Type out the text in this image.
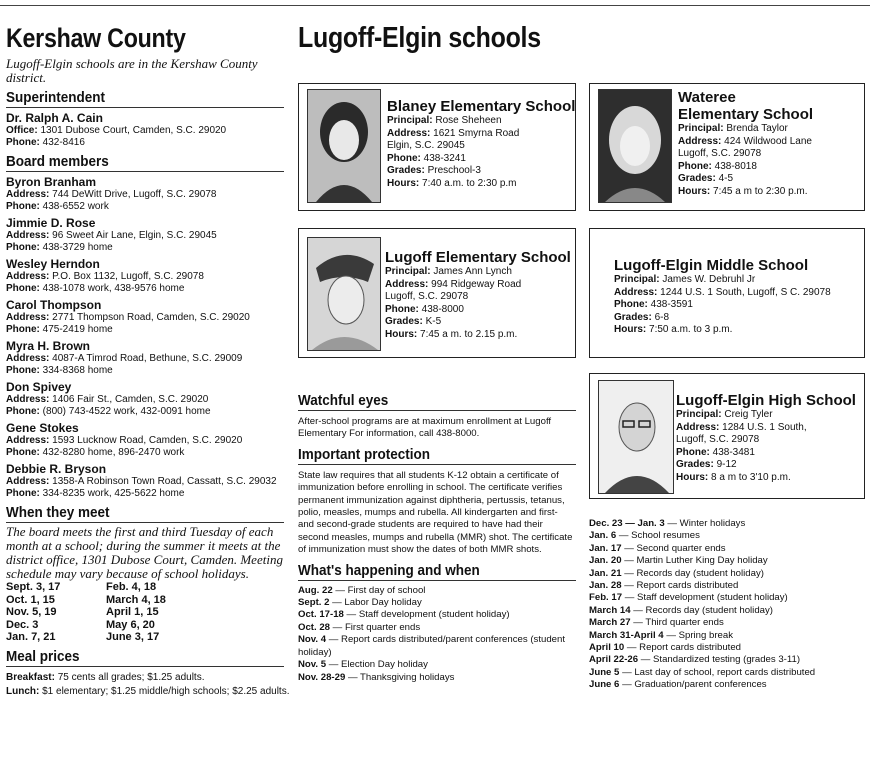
Kershaw County
Lugoff-Elgin schools are in the Kershaw County district.
Superintendent
Dr. Ralph A. Cain
Office: 1301 Dubose Court, Camden, S.C. 29020
Phone: 432-8416
Board members
Byron Branham
Address: 744 DeWitt Drive, Lugoff, S.C. 29078
Phone: 438-6552 work
Jimmie D. Rose
Address: 96 Sweet Air Lane, Elgin, S.C. 29045
Phone: 438-3729 home
Wesley Herndon
Address: P.O. Box 1132, Lugoff, S.C. 29078
Phone: 438-1078 work, 438-9576 home
Carol Thompson
Address: 2771 Thompson Road, Camden, S.C. 29020
Phone: 475-2419 home
Myra H. Brown
Address: 4087-A Timrod Road, Bethune, S.C. 29009
Phone: 334-8368 home
Don Spivey
Address: 1406 Fair St., Camden, S.C. 29020
Phone: (800) 743-4522 work, 432-0091 home
Gene Stokes
Address: 1593 Lucknow Road, Camden, S.C. 29020
Phone: 432-8280 home, 896-2470 work
Debbie R. Bryson
Address: 1358-A Robinson Town Road, Cassatt, S.C. 29032
Phone: 334-8235 work, 425-5622 home
When they meet
The board meets the first and third Tuesday of each month at a school; during the summer it meets at the district office, 1301 Dubose Court, Camden. Meeting schedule may vary because of school holidays.
Sept. 3, 17	Feb. 4, 18
Oct. 1, 15	March 4, 18
Nov. 5, 19	April 1, 15
Dec. 3	May 6, 20
Jan. 7, 21	June 3, 17
Meal prices
Breakfast: 75 cents all grades; $1.25 adults.
Lunch: $1 elementary; $1.25 middle/high schools; $2.25 adults.
Lugoff-Elgin schools
Blaney Elementary School
Principal: Rose Sheheen
Address: 1621 Smyrna Road
Elgin, S.C. 29045
Phone: 438-3241
Grades: Preschool-3
Hours: 7:40 a.m. to 2:30 p.m
Wateree
Elementary School
Principal: Brenda Taylor
Address: 424 Wildwood Lane
Lugoff, S.C. 29078
Phone: 438-8018
Grades: 4-5
Hours: 7:45 a m to 2:30 p.m.
Lugoff Elementary School
Principal: James Ann Lynch
Address: 994 Ridgeway Road
Lugoff, S.C. 29078
Phone: 438-8000
Grades: K-5
Hours: 7:45 a m. to 2.15 p.m.
Lugoff-Elgin Middle School
Principal: James W. Debruhl Jr
Address: 1244 U.S. 1 South, Lugoff, S C. 29078
Phone: 438-3591
Grades: 6-8
Hours: 7:50 a.m. to 3 p.m.
Lugoff-Elgin High School
Principal: Creig Tyler
Address: 1284 U.S. 1 South,
Lugoff, S.C. 29078
Phone: 438-3481
Grades: 9-12
Hours: 8 a m to 3'10 p.m.
Watchful eyes
After-school programs are at maximum enrollment at Lugoff Elementary For information, call 438-8000.
Important protection
State law requires that all students K-12 obtain a certificate of immunization before enrolling in school. The certificate verifies permanent immunization against diphtheria, pertussis, tetanus, polio, measles, mumps and rubella. All kindergarten and first- and second-grade students are required to have had their second measles, mumps and rubella (MMR) shot. The certificate of immunization must show the dates of both MMR shots.
What's happening and when
Aug. 22 — First day of school
Sept. 2 — Labor Day holiday
Oct. 17-18 — Staff development (student holiday)
Oct. 28 — First quarter ends
Nov. 4 — Report cards distributed/parent conferences (student holiday)
Nov. 5 — Election Day holiday
Nov. 28-29 — Thanksgiving holidays
Dec. 23 — Jan. 3 — Winter holidays
Jan. 6 — School resumes
Jan. 17 — Second quarter ends
Jan. 20 — Martin Luther King Day holiday
Jan. 21 — Records day (student holiday)
Jan. 28 — Report cards distributed
Feb. 17 — Staff development (student holiday)
March 14 — Records day (student holiday)
March 27 — Third quarter ends
March 31-April 4 — Spring break
April 10 — Report cards distributed
April 22-26 — Standardized testing (grades 3-11)
June 5 — Last day of school, report cards distributed
June 6 — Graduation/parent conferences
